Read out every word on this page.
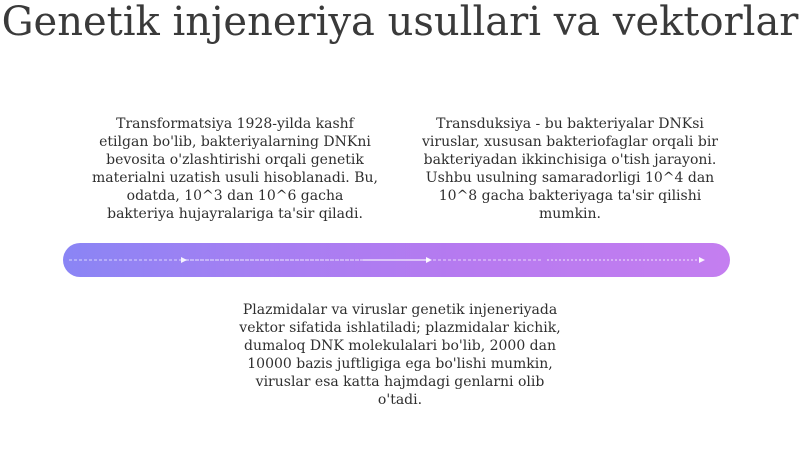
Genetik injeneriya usullari va vektorlar

Transformatsiya 1928-yilda kashf etilgan bo'lib, bakteriyalarning DNKni bevosita o'zlashtirishi orqali genetik materialni uzatish usuli hisoblanadi. Bu, odatda, 10^3 dan 10^6 gacha bakteriya hujayralariga ta'sir qiladi.

Transduksiya - bu bakteriyalar DNKsi viruslar, xususan bakteriofaglar orqali bir bakteriyadan ikkinchisiga o'tish jarayoni. Ushbu usulning samaradorligi 10^4 dan 10^8 gacha bakteriyaga ta'sir qilishi mumkin.

Plazmidalar va viruslar genetik injeneriyada vektor sifatida ishlatiladi; plazmidalar kichik, dumaloq DNK molekulalari bo'lib, 2000 dan 10000 bazis juftligiga ega bo'lishi mumkin, viruslar esa katta hajmdagi genlarni olib o'tadi.
